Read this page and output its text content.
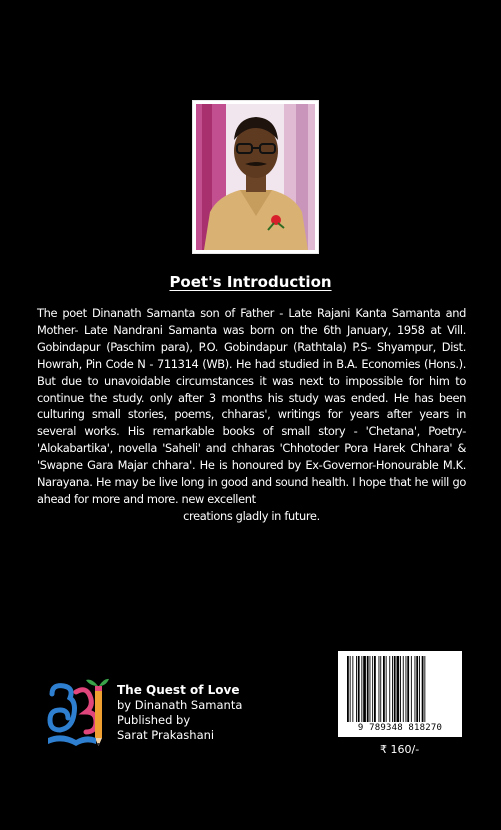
Poet's Introduction
The poet Dinanath Samanta son of Father - Late Rajani Kanta Samanta and Mother- Late Nandrani Samanta was born on the 6th January, 1958 at Vill. Gobindapur (Paschim para), P.O. Gobindapur (Rathtala) P.S- Shyampur, Dist. Howrah, Pin Code N - 711314 (WB). He had studied in B.A. Economies (Hons.). But due to unavoidable circumstances it was next to impossible for him to continue the study. only after 3 months his study was ended. He has been culturing small stories, poems, chharas', writings for years after years in several works. His remarkable books of small story - 'Chetana', Poetry- 'Alokabartika', novella 'Saheli' and chharas 'Chhotoder Pora Harek Chhara' & 'Swapne Gara Majar chhara'. He is honoured by Ex-Governor-Honourable M.K. Narayana. He may be live long in good and sound health. I hope that he will go ahead for more and more. new excellent
creations gladly in future.
The Quest of Love
by Dinanath Samanta
Published by
Sarat Prakashani	9 789348 818270
₹ 160/-
